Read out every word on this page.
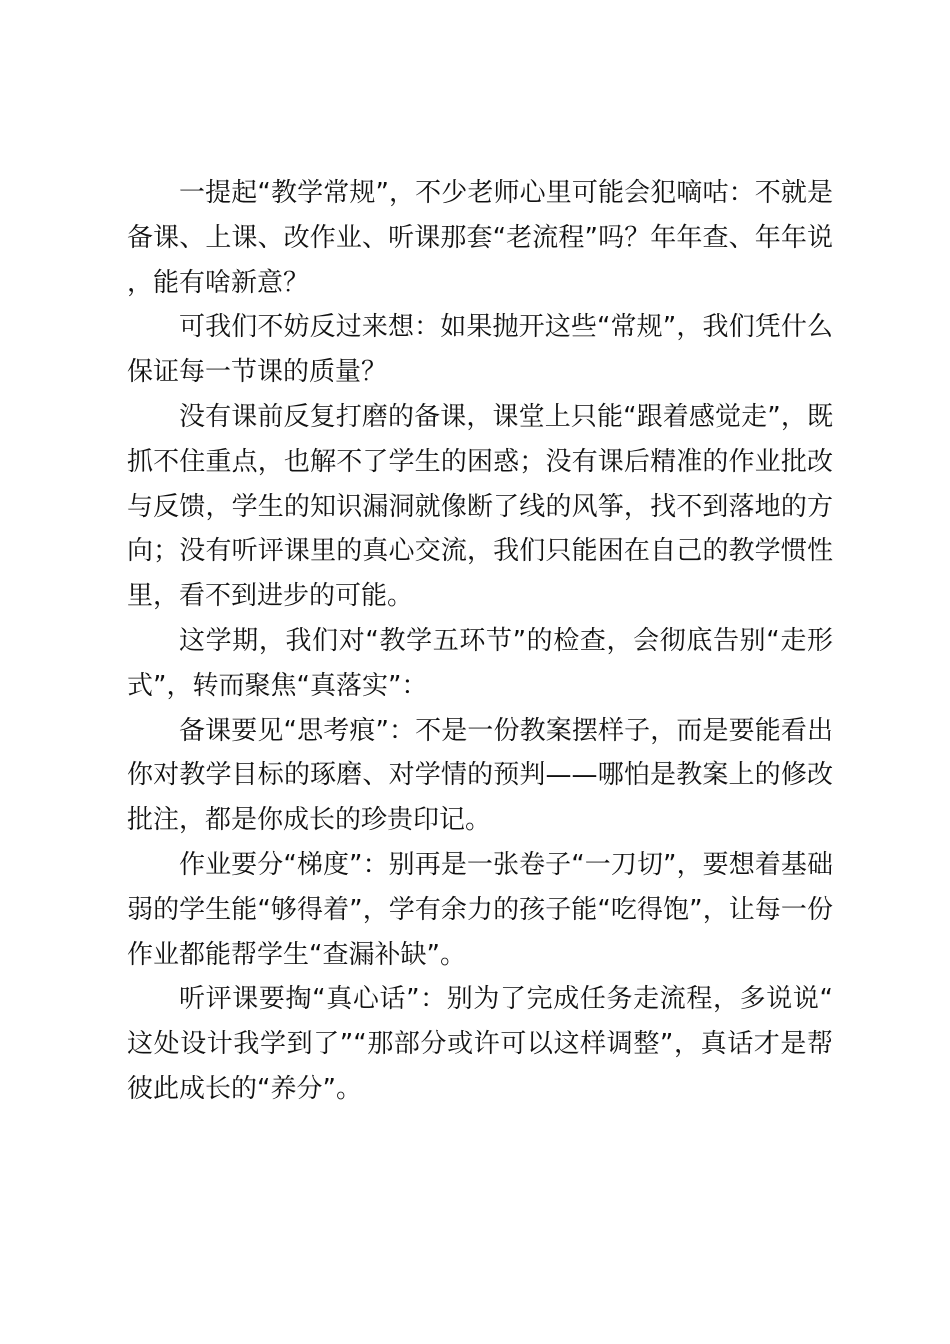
一提起“教学常规”，不少老师心里可能会犯嘀咕：不就是备课、上课、改作业、听课那套“老流程”吗？年年查、年年说，能有啥新意？

可我们不妨反过来想：如果抛开这些“常规”，我们凭什么保证每一节课的质量？

没有课前反复打磨的备课，课堂上只能“跟着感觉走”，既抓不住重点，也解不了学生的困惑；没有课后精准的作业批改与反馈，学生的知识漏洞就像断了线的风筝，找不到落地的方向；没有听评课里的真心交流，我们只能困在自己的教学惯性里，看不到进步的可能。

这学期，我们对“教学五环节”的检查，会彻底告别“走形式”，转而聚焦“真落实”：

备课要见“思考痕”：不是一份教案摆样子，而是要能看出你对教学目标的琢磨、对学情的预判——哪怕是教案上的修改批注，都是你成长的珍贵印记。

作业要分“梯度”：别再是一张卷子“一刀切”，要想着基础弱的学生能“够得着”，学有余力的孩子能“吃得饱”，让每一份作业都能帮学生“查漏补缺”。

听评课要掏“真心话”：别为了完成任务走流程，多说说“这处设计我学到了”“那部分或许可以这样调整”，真话才是帮彼此成长的“养分”。
